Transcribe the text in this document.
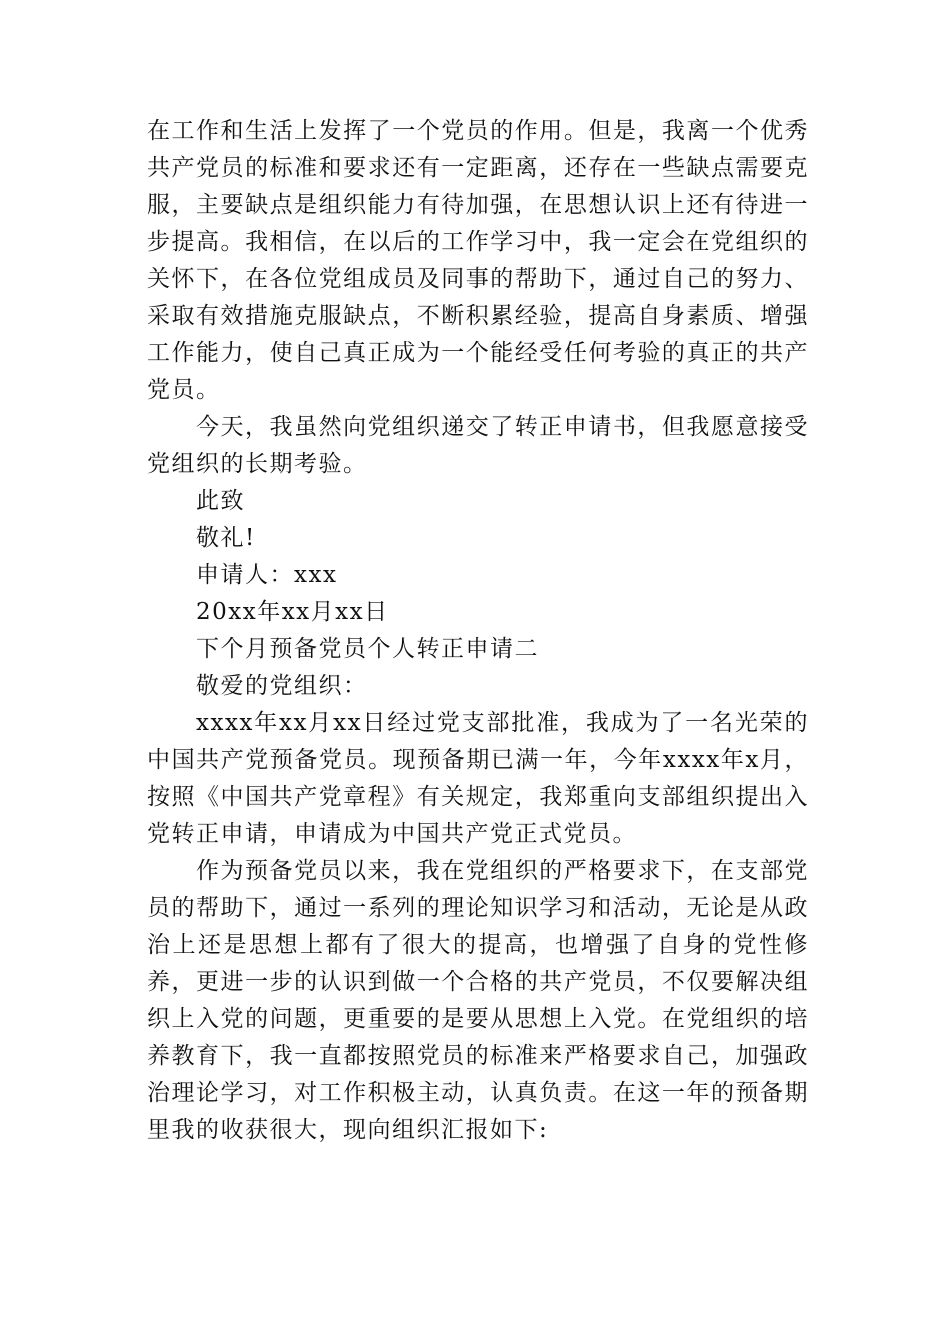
在工作和生活上发挥了一个党员的作用。但是，我离一个优秀共产党员的标准和要求还有一定距离，还存在一些缺点需要克服，主要缺点是组织能力有待加强，在思想认识上还有待进一步提高。我相信，在以后的工作学习中，我一定会在党组织的关怀下，在各位党组成员及同事的帮助下，通过自己的努力、采取有效措施克服缺点，不断积累经验，提高自身素质、增强工作能力，使自己真正成为一个能经受任何考验的真正的共产党员。

今天，我虽然向党组织递交了转正申请书，但我愿意接受党组织的长期考验。

此致

敬礼!

申请人：xxx

20xx年xx月xx日

下个月预备党员个人转正申请二

敬爱的党组织：

xxxx年xx月xx日经过党支部批准，我成为了一名光荣的中国共产党预备党员。现预备期已满一年，今年xxxx年x月，按照《中国共产党章程》有关规定，我郑重向支部组织提出入党转正申请，申请成为中国共产党正式党员。

作为预备党员以来，我在党组织的严格要求下，在支部党员的帮助下，通过一系列的理论知识学习和活动，无论是从政治上还是思想上都有了很大的提高，也增强了自身的党性修养，更进一步的认识到做一个合格的共产党员，不仅要解决组织上入党的问题，更重要的是要从思想上入党。在党组织的培养教育下，我一直都按照党员的标准来严格要求自己，加强政治理论学习，对工作积极主动，认真负责。在这一年的预备期里我的收获很大，现向组织汇报如下:
